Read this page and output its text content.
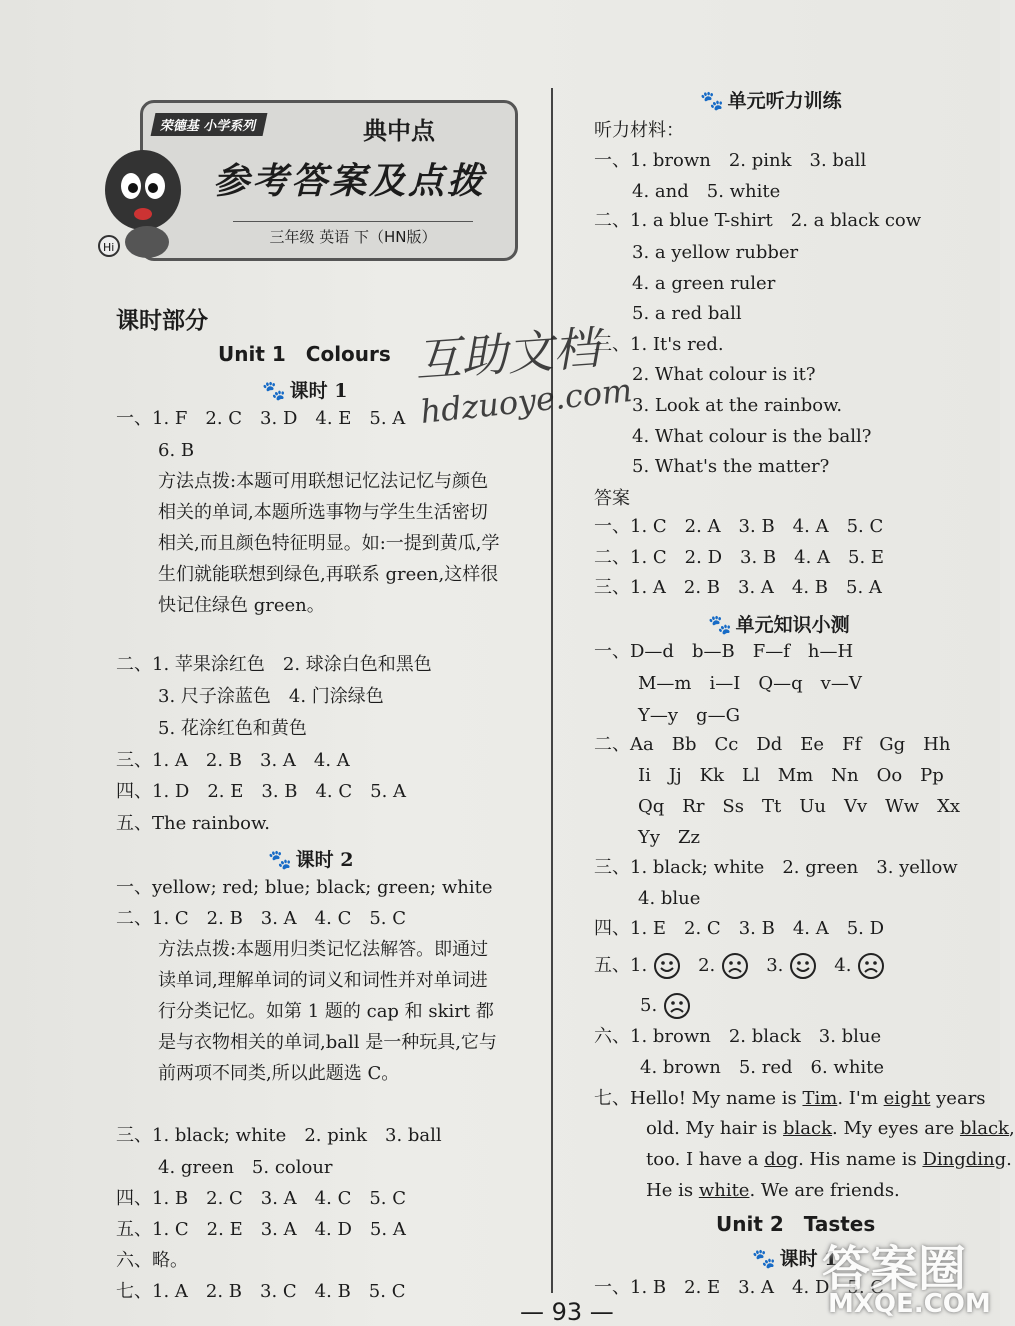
荣德基 小学系列	典中点
参考答案及点拨
三年级 英语 下（HN版）
Hi
课时部分
Unit 1　Colours
🐾 课时 1
一、1. F　2. C　3. D　4. E　5. A
6. B
方法点拨:本题可用联想记忆法记忆与颜色相关的单词,本题所选事物与学生生活密切相关,而且颜色特征明显。如:一提到黄瓜,学生们就能联想到绿色,再联系 green,这样很快记住绿色 green。
二、1. 苹果涂红色　2. 球涂白色和黑色
3. 尺子涂蓝色　4. 门涂绿色
5. 花涂红色和黄色
三、1. A　2. B　3. A　4. A
四、1. D　2. E　3. B　4. C　5. A
五、The rainbow.
🐾 课时 2
一、yellow; red; blue; black; green; white
二、1. C　2. B　3. A　4. C　5. C
方法点拨:本题用归类记忆法解答。即通过读单词,理解单词的词义和词性并对单词进行分类记忆。如第 1 题的 cap 和 skirt 都是与衣物相关的单词,ball 是一种玩具,它与前两项不同类,所以此题选 C。
三、1. black; white　2. pink　3. ball
4. green　5. colour
四、1. B　2. C　3. A　4. C　5. C
五、1. C　2. E　3. A　4. D　5. A
六、略。
七、1. A　2. B　3. C　4. B　5. C
🐾 单元听力训练
听力材料：
一、1. brown　2. pink　3. ball
4. and　5. white
二、1. a blue T-shirt　2. a black cow
3. a yellow rubber
4. a green ruler
5. a red ball
三、1. It's red.
2. What colour is it?
3. Look at the rainbow.
4. What colour is the ball?
5. What's the matter?
答案
一、1. C　2. A　3. B　4. A　5. C
二、1. C　2. D　3. B　4. A　5. E
三、1. A　2. B　3. A　4. B　5. A
🐾 单元知识小测
一、D—d　b—B　F—f　h—H
M—m　i—I　Q—q　v—V
Y—y　g—G
二、Aa　Bb　Cc　Dd　Ee　Ff　Gg　Hh
Ii　Jj　Kk　Ll　Mm　Nn　Oo　Pp
Qq　Rr　Ss　Tt　Uu　Vv　Ww　Xx
Yy　Zz
三、1. black; white　2. green　3. yellow
4. blue
四、1. E　2. C　3. B　4. A　5. D
五、1.	2.	3.	4.
5.
六、1. brown　2. black　3. blue
4. brown　5. red　6. white
七、Hello! My name is Tim. I'm eight years
old. My hair is black. My eyes are black,
too. I have a dog. His name is Dingding.
He is white. We are friends.
Unit 2　Tastes
🐾 课时 1
一、1. B　2. E　3. A　4. D　5. C
互助文档
hdzuoye.com
答案圈
MXQE.COM
— 93 —
